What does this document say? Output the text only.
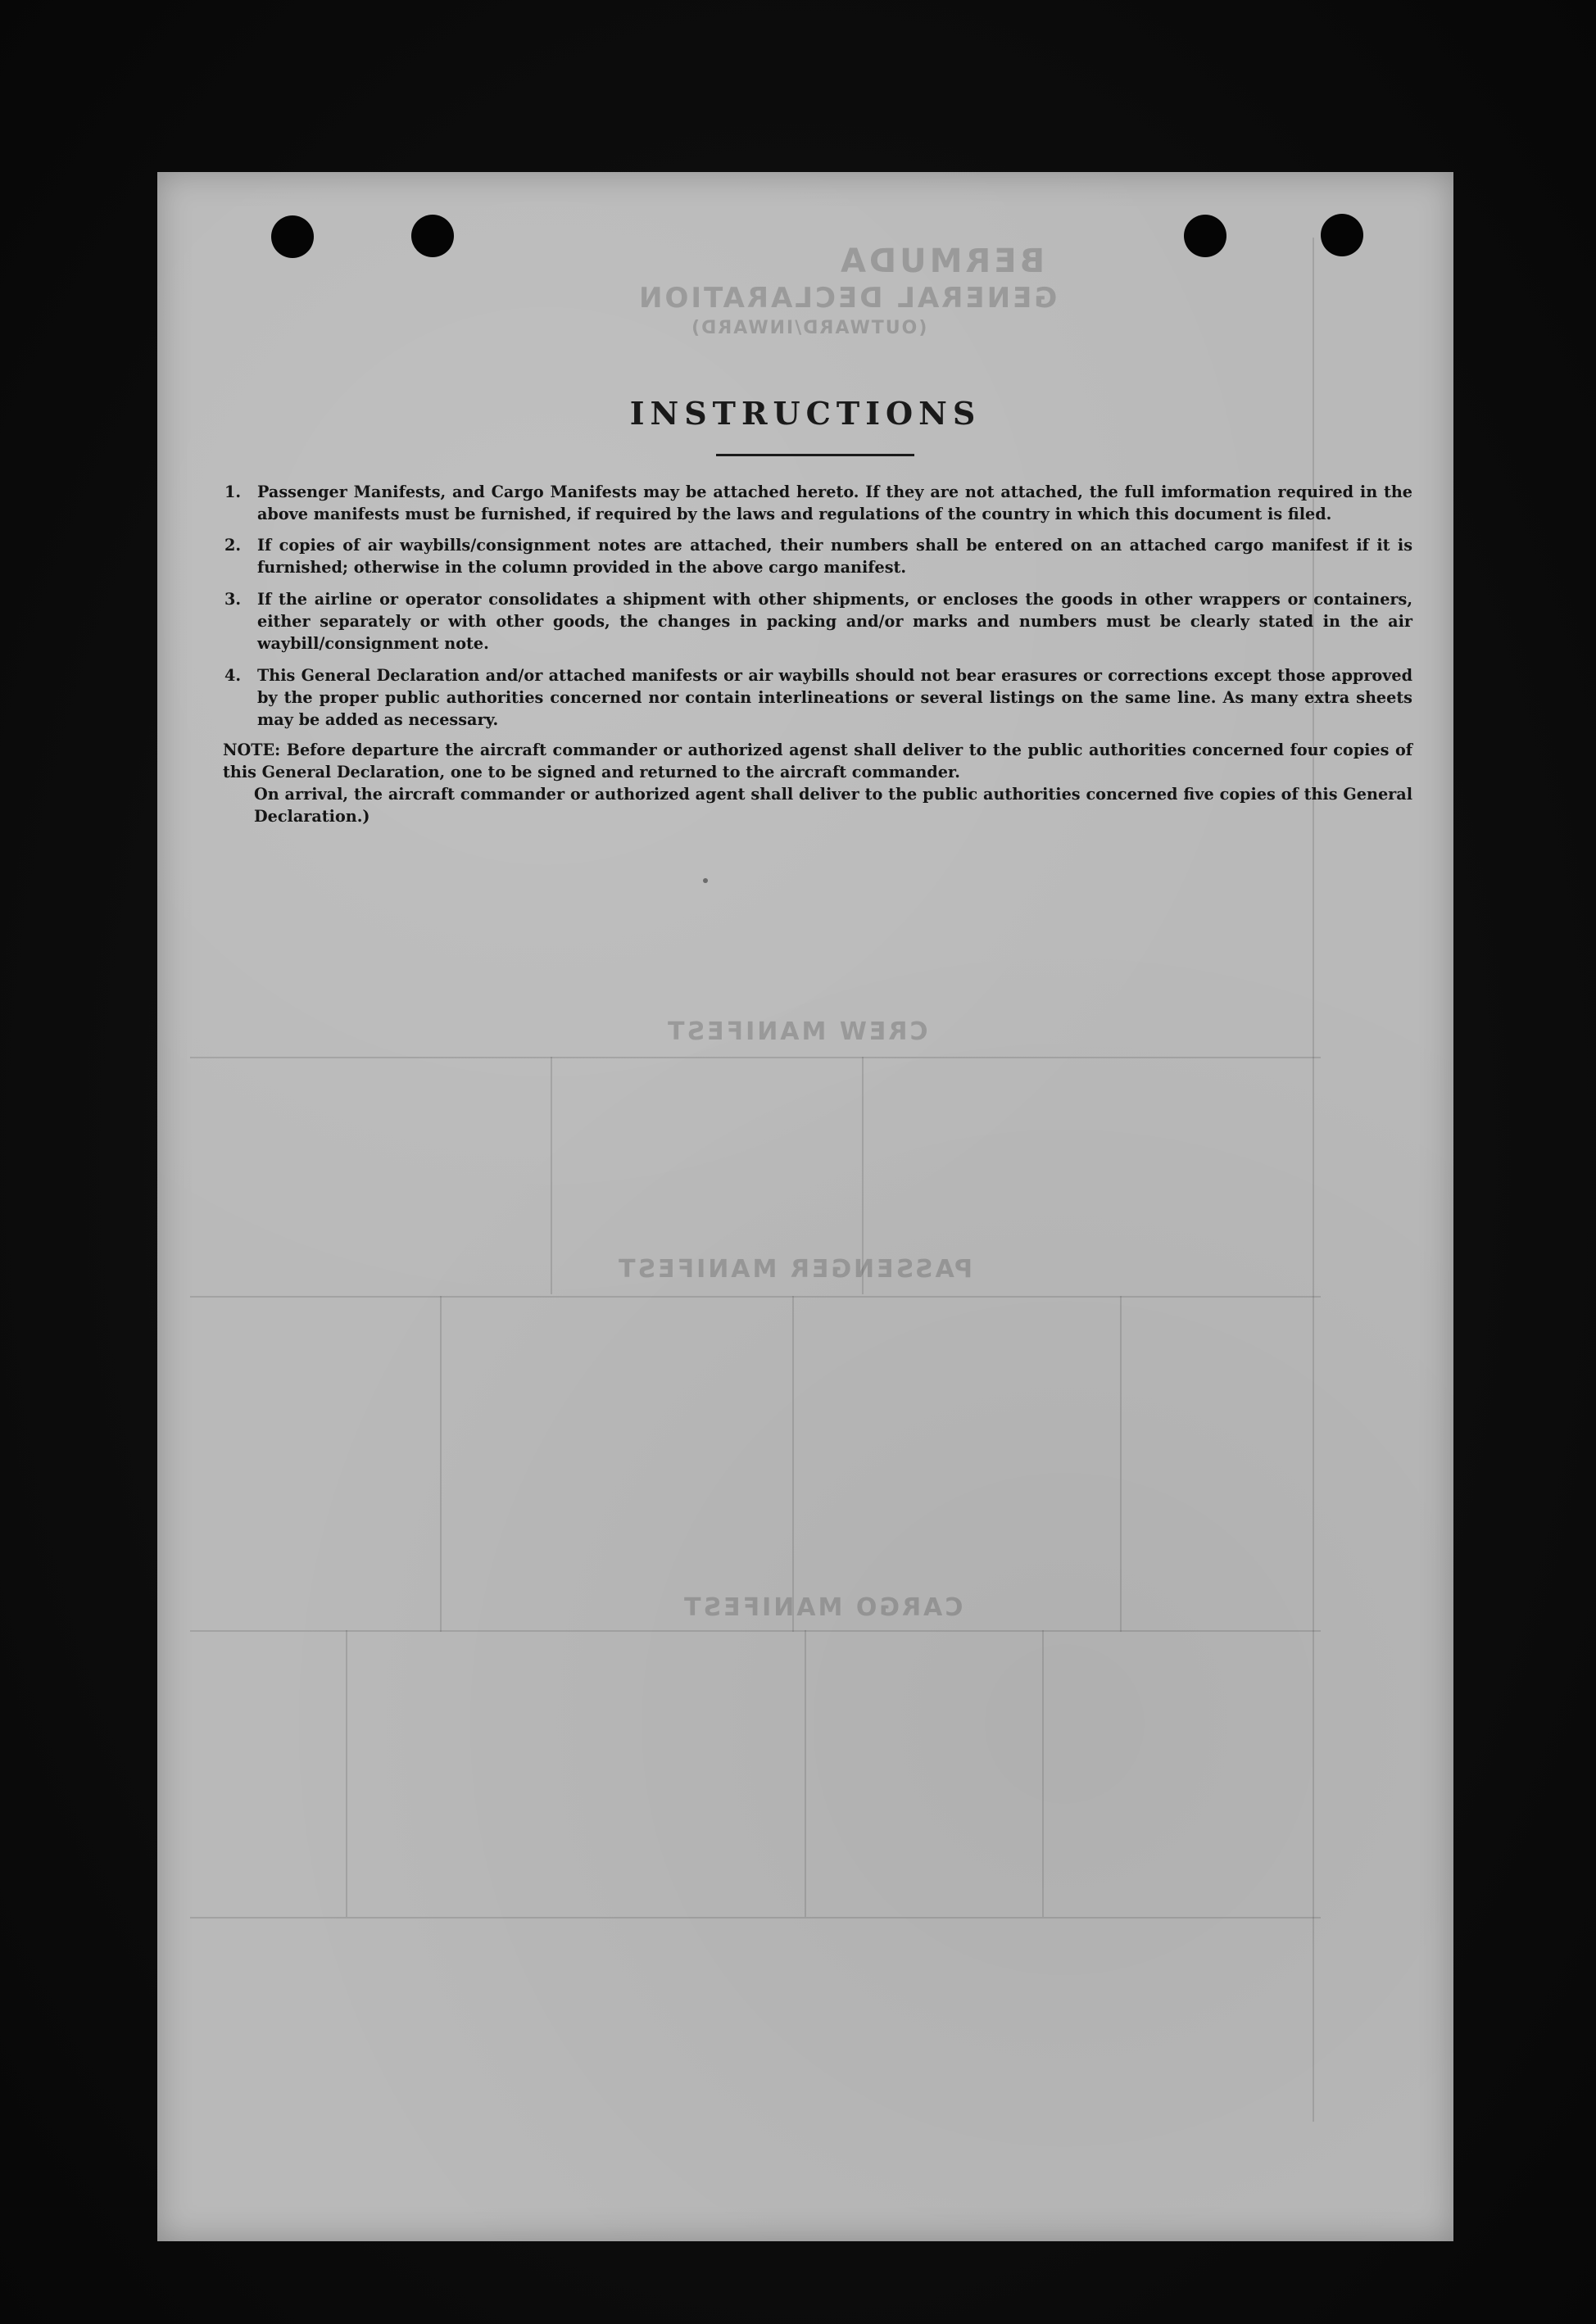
BERMUDA
GENERAL DECLARATION
(OUTWARD/INWARD)
CREW MANIFEST
PASSENGER MANIFEST
CARGO MANIFEST
INSTRUCTIONS
1. Passenger Manifests, and Cargo Manifests may be attached hereto. If they are not attached, the full imformation required in the above manifests must be furnished, if required by the laws and regulations of the country in which this document is filed.
2. If copies of air waybills/consignment notes are attached, their numbers shall be entered on an attached cargo manifest if it is furnished; otherwise in the column provided in the above cargo manifest.
3. If the airline or operator consolidates a shipment with other shipments, or encloses the goods in other wrappers or containers, either separately or with other goods, the changes in packing and/or marks and numbers must be clearly stated in the air waybill/consignment note.
4. This General Declaration and/or attached manifests or air waybills should not bear erasures or corrections except those approved by the proper public authorities concerned nor contain interlineations or several listings on the same line. As many extra sheets may be added as necessary.
NOTE: Before departure the aircraft commander or authorized agenst shall deliver to the public authorities concerned four copies of this General Declaration, one to be signed and returned to the aircraft commander.
On arrival, the aircraft commander or authorized agent shall deliver to the public authorities concerned five copies of this General Declaration.)
